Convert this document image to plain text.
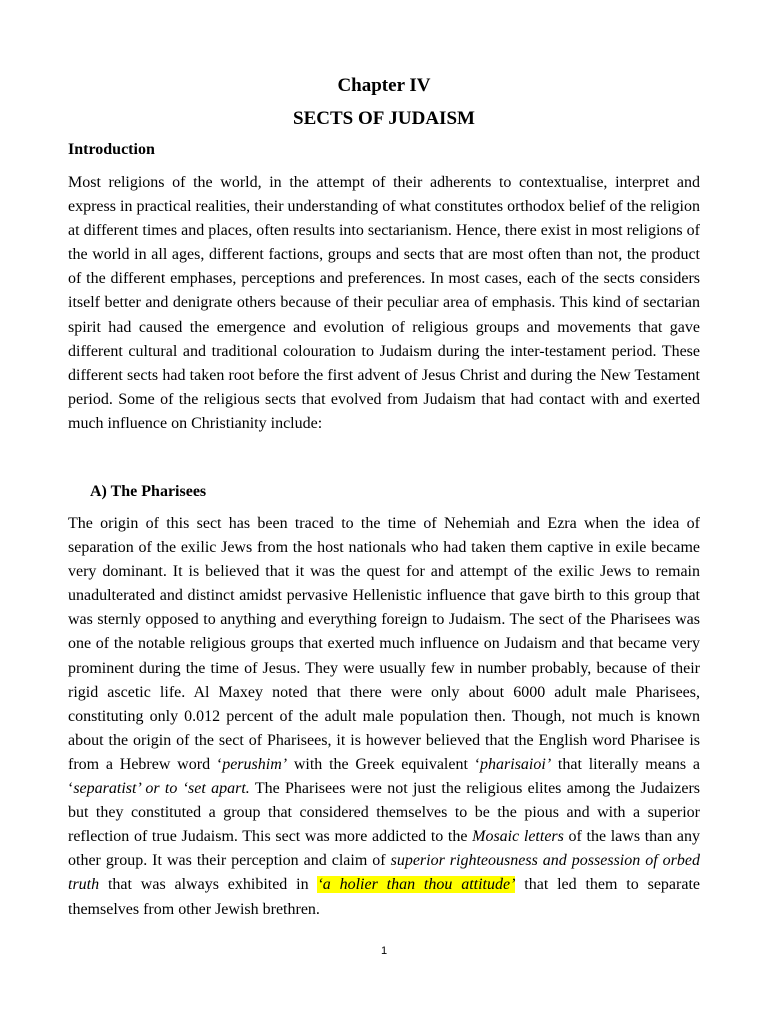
Chapter IV
SECTS OF JUDAISM
Introduction
Most religions of the world, in the attempt of their adherents to contextualise, interpret and express in practical realities, their understanding of what constitutes orthodox belief of the religion at different times and places, often results into sectarianism. Hence, there exist in most religions of the world in all ages, different factions, groups and sects that are most often than not, the product of the different emphases, perceptions and preferences. In most cases, each of the sects considers itself better and denigrate others because of their peculiar area of emphasis. This kind of sectarian spirit had caused the emergence and evolution of religious groups and movements that gave different cultural and traditional colouration to Judaism during the inter-testament period. These different sects had taken root before the first advent of Jesus Christ and during the New Testament period. Some of the religious sects that evolved from Judaism that had contact with and exerted much influence on Christianity include:
A) The Pharisees
The origin of this sect has been traced to the time of Nehemiah and Ezra when the idea of separation of the exilic Jews from the host nationals who had taken them captive in exile became very dominant. It is believed that it was the quest for and attempt of the exilic Jews to remain unadulterated and distinct amidst pervasive Hellenistic influence that gave birth to this group that was sternly opposed to anything and everything foreign to Judaism. The sect of the Pharisees was one of the notable religious groups that exerted much influence on Judaism and that became very prominent during the time of Jesus. They were usually few in number probably, because of their rigid ascetic life. Al Maxey noted that there were only about 6000 adult male Pharisees, constituting only 0.012 percent of the adult male population then. Though, not much is known about the origin of the sect of Pharisees, it is however believed that the English word Pharisee is from a Hebrew word ‘perushim’ with the Greek equivalent ‘pharisaioi’ that literally means a ‘separatist’ or to ‘set apart. The Pharisees were not just the religious elites among the Judaizers but they constituted a group that considered themselves to be the pious and with a superior reflection of true Judaism. This sect was more addicted to the Mosaic letters of the laws than any other group. It was their perception and claim of superior righteousness and possession of orbed truth that was always exhibited in ‘a holier than thou attitude’ that led them to separate themselves from other Jewish brethren.
1
